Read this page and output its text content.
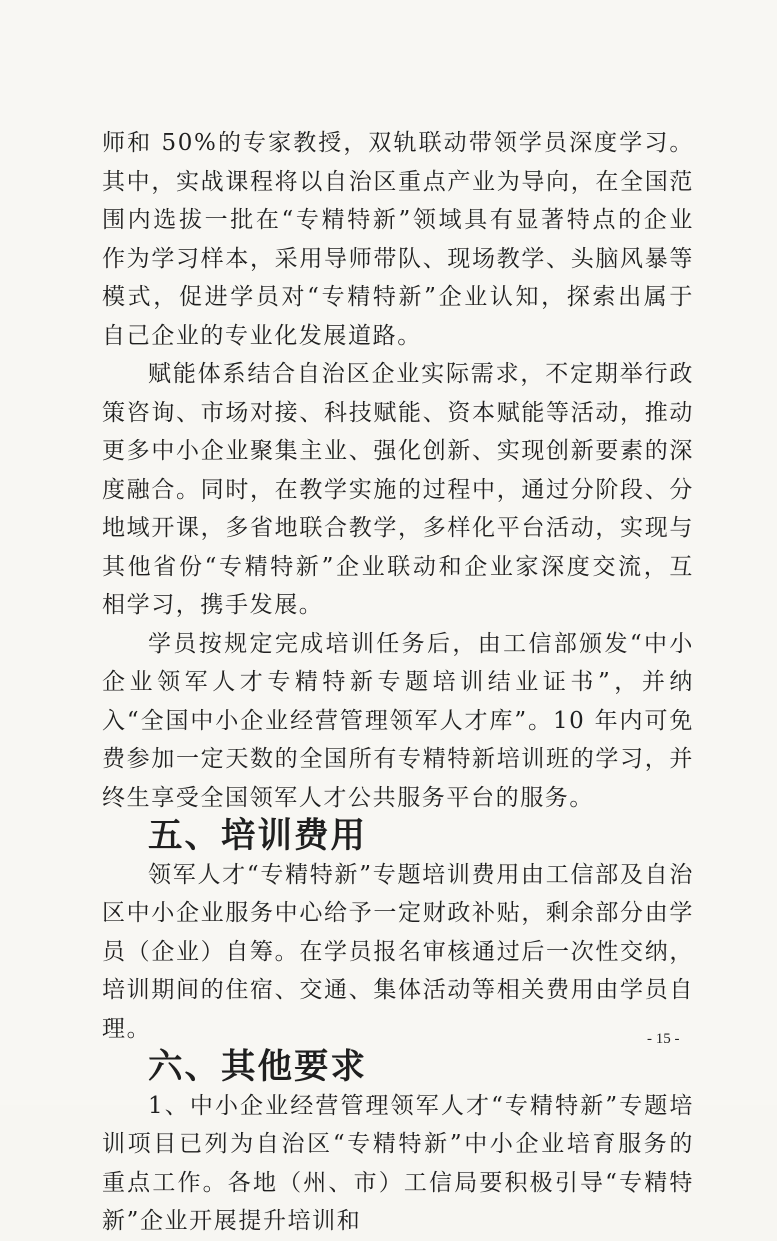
师和 50%的专家教授，双轨联动带领学员深度学习。其中，实战课程将以自治区重点产业为导向，在全国范围内选拔一批在“专精特新”领域具有显著特点的企业作为学习样本，采用导师带队、现场教学、头脑风暴等模式，促进学员对“专精特新”企业认知，探索出属于自己企业的专业化发展道路。

赋能体系结合自治区企业实际需求，不定期举行政策咨询、市场对接、科技赋能、资本赋能等活动，推动更多中小企业聚集主业、强化创新、实现创新要素的深度融合。同时，在教学实施的过程中，通过分阶段、分地域开课，多省地联合教学，多样化平台活动，实现与其他省份“专精特新”企业联动和企业家深度交流，互相学习，携手发展。

学员按规定完成培训任务后，由工信部颁发“中小企业领军人才专精特新专题培训结业证书”，并纳入“全国中小企业经营管理领军人才库”。10 年内可免费参加一定天数的全国所有专精特新培训班的学习，并终生享受全国领军人才公共服务平台的服务。

五、培训费用

领军人才“专精特新”专题培训费用由工信部及自治区中小企业服务中心给予一定财政补贴，剩余部分由学员（企业）自筹。在学员报名审核通过后一次性交纳，培训期间的住宿、交通、集体活动等相关费用由学员自理。

六、其他要求

1、中小企业经营管理领军人才“专精特新”专题培训项目已列为自治区“专精特新”中小企业培育服务的重点工作。各地（州、市）工信局要积极引导“专精特新”企业开展提升培训和

- 15 -
